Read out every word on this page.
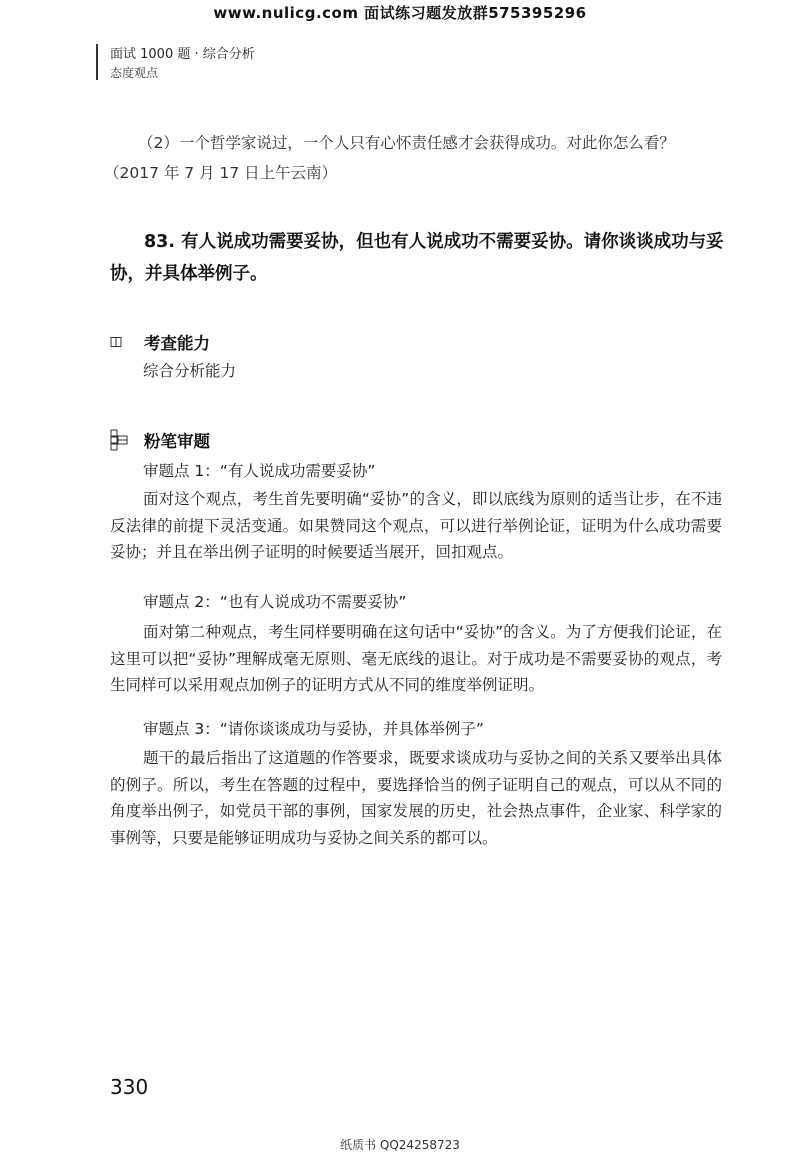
www.nulicg.com 面试练习题发放群575395296
面试 1000 题 · 综合分析
态度观点
（2）一个哲学家说过，一个人只有心怀责任感才会获得成功。对此你怎么看？
（2017 年 7 月 17 日上午云南）
83. 有人说成功需要妥协，但也有人说成功不需要妥协。请你谈谈成功与妥协，并具体举例子。
考查能力
综合分析能力
粉笔审题
审题点 1：“有人说成功需要妥协”

面对这个观点，考生首先要明确“妥协”的含义，即以底线为原则的适当让步，在不违反法律的前提下灵活变通。如果赞同这个观点，可以进行举例论证，证明为什么成功需要妥协；并且在举出例子证明的时候要适当展开，回扣观点。

审题点 2：“也有人说成功不需要妥协”

面对第二种观点，考生同样要明确在这句话中“妥协”的含义。为了方便我们论证，在这里可以把“妥协”理解成毫无原则、毫无底线的退让。对于成功是不需要妥协的观点，考生同样可以采用观点加例子的证明方式从不同的维度举例证明。

审题点 3：“请你谈谈成功与妥协，并具体举例子”

题干的最后指出了这道题的作答要求，既要求谈成功与妥协之间的关系又要举出具体的例子。所以，考生在答题的过程中，要选择恰当的例子证明自己的观点，可以从不同的角度举出例子，如党员干部的事例，国家发展的历史，社会热点事件，企业家、科学家的事例等，只要是能够证明成功与妥协之间关系的都可以。

330
纸质书 QQ24258723
